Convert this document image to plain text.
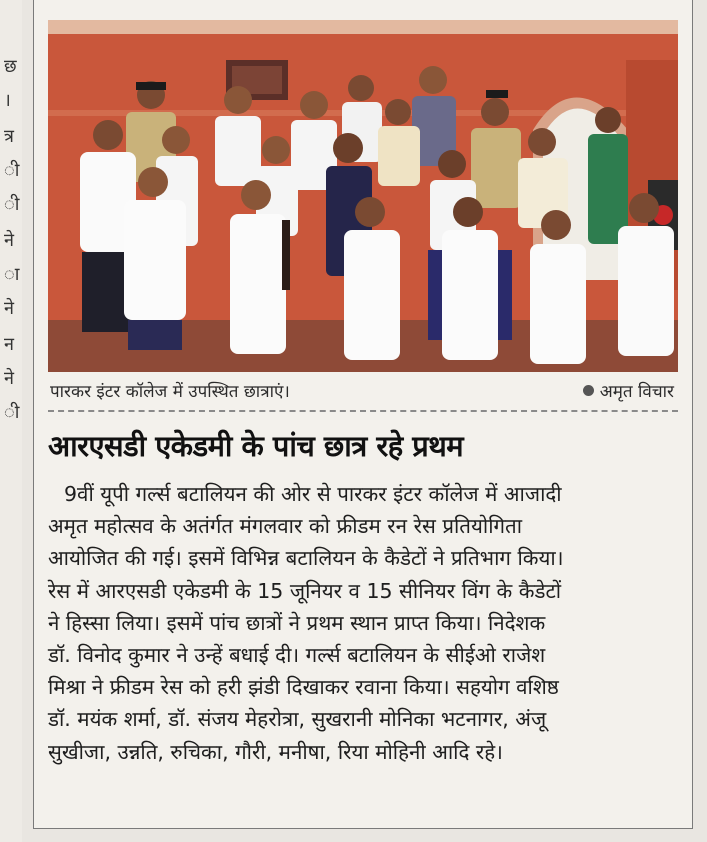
छ
।
त्र
ी
ी
ने
ा
ने
न
ने
ी
पारकर इंटर कॉलेज में उपस्थित छात्राएं।	अमृत विचार
आरएसडी एकेडमी के पांच छात्र रहे प्रथम
9वीं यूपी गर्ल्स बटालियन की ओर से पारकर इंटर कॉलेज में आजादी
अमृत महोत्सव के अतंर्गत मंगलवार को फ्रीडम रन रेस प्रतियोगिता
आयोजित की गई। इसमें विभिन्न बटालियन के कैडेटों ने प्रतिभाग किया।
रेस में आरएसडी एकेडमी के 15 जूनियर व 15 सीनियर विंग के कैडेटों
ने हिस्सा लिया। इसमें पांच छात्रों ने प्रथम स्थान प्राप्त किया। निदेशक
डॉ. विनोद कुमार ने उन्हें बधाई दी। गर्ल्स बटालियन के सीईओ राजेश
मिश्रा ने फ्रीडम रेस को हरी झंडी दिखाकर रवाना किया। सहयोग वशिष्ठ
डॉ. मयंक शर्मा, डॉ. संजय मेहरोत्रा, सुखरानी मोनिका भटनागर, अंजू
सुखीजा, उन्नति, रुचिका, गौरी, मनीषा, रिया मोहिनी आदि रहे।
